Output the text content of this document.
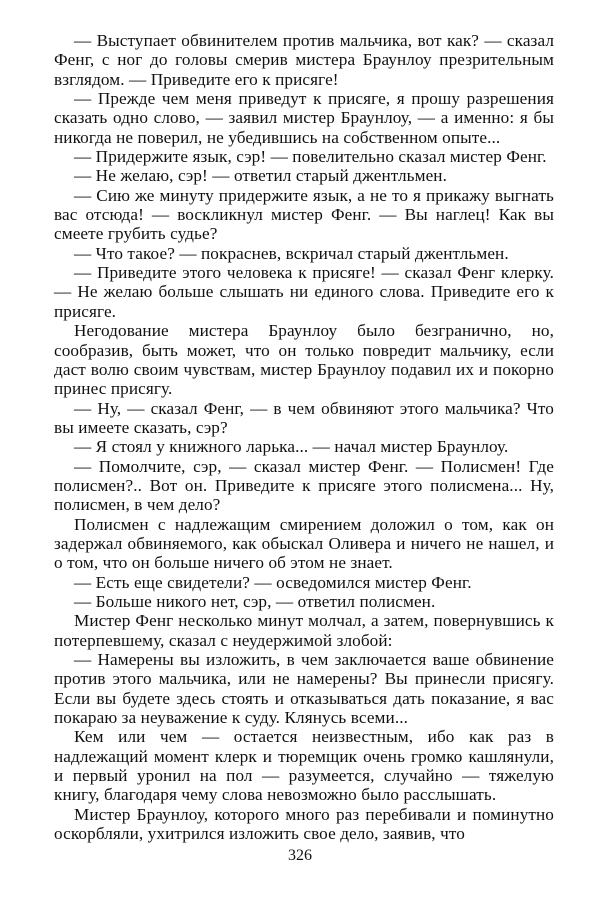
— Выступает обвинителем против мальчика, вот как? — сказал Фенг, с ног до головы смерив мистера Браунлоу презрительным взглядом. — Приведите его к присяге!

— Прежде чем меня приведут к присяге, я прошу разрешения сказать одно слово, — заявил мистер Браунлоу, — а именно: я бы никогда не поверил, не убедившись на собственном опыте...

— Придержите язык, сэр! — повелительно сказал мистер Фенг.

— Не желаю, сэр! — ответил старый джентльмен.

— Сию же минуту придержите язык, а не то я прикажу выгнать вас отсюда! — воскликнул мистер Фенг. — Вы наглец! Как вы смеете грубить судье?

— Что такое? — покраснев, вскричал старый джентльмен.

— Приведите этого человека к присяге! — сказал Фенг клерку. — Не желаю больше слышать ни единого слова. Приведите его к присяге.

Негодование мистера Браунлоу было безгранично, но, сообразив, быть может, что он только повредит мальчику, если даст волю своим чувствам, мистер Браунлоу подавил их и покорно принес присягу.

— Ну, — сказал Фенг, — в чем обвиняют этого мальчика? Что вы имеете сказать, сэр?

— Я стоял у книжного ларька... — начал мистер Браунлоу.

— Помолчите, сэр, — сказал мистер Фенг. — Полисмен! Где полисмен?.. Вот он. Приведите к присяге этого полисмена... Ну, полисмен, в чем дело?

Полисмен с надлежащим смирением доложил о том, как он задержал обвиняемого, как обыскал Оливера и ничего не нашел, и о том, что он больше ничего об этом не знает.

— Есть еще свидетели? — осведомился мистер Фенг.

— Больше никого нет, сэр, — ответил полисмен.

Мистер Фенг несколько минут молчал, а затем, повернувшись к потерпевшему, сказал с неудержимой злобой:

— Намерены вы изложить, в чем заключается ваше обвинение против этого мальчика, или не намерены? Вы принесли присягу. Если вы будете здесь стоять и отказываться дать показание, я вас покараю за неуважение к суду. Клянусь всеми...

Кем или чем — остается неизвестным, ибо как раз в надлежащий момент клерк и тюремщик очень громко кашлянули, и первый уронил на пол — разумеется, случайно — тяжелую книгу, благодаря чему слова невозможно было расслышать.

Мистер Браунлоу, которого много раз перебивали и поминутно оскорбляли, ухитрился изложить свое дело, заявив, что

326
